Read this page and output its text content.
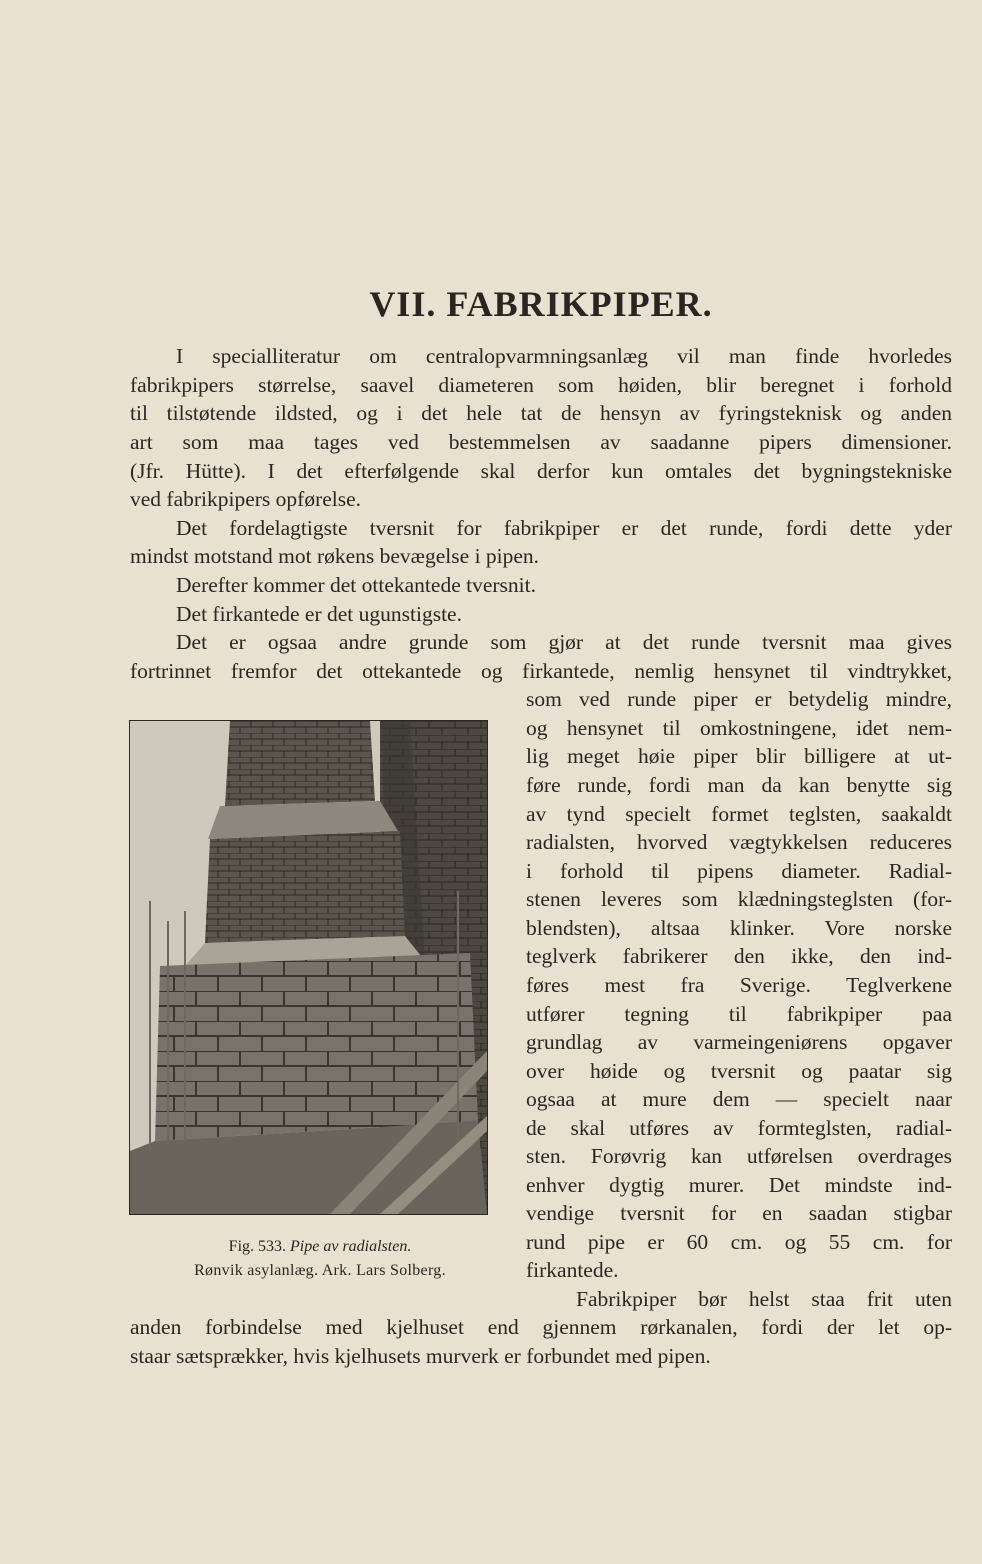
VII. FABRIKPIPER.
I specialliteratur om centralopvarmningsanlæg vil man finde hvorledes
fabrikpipers størrelse, saavel diameteren som høiden, blir beregnet i forhold
til tilstøtende ildsted, og i det hele tat de hensyn av fyringsteknisk og anden
art som maa tages ved bestemmelsen av saadanne pipers dimensioner.
(Jfr. Hütte). I det efterfølgende skal derfor kun omtales det bygningstekniske
ved fabrikpipers opførelse.
Det fordelagtigste tversnit for fabrikpiper er det runde, fordi dette yder
mindst motstand mot røkens bevægelse i pipen.
Derefter kommer det ottekantede tversnit.
Det firkantede er det ugunstigste.
Det er ogsaa andre grunde som gjør at det runde tversnit maa gives
fortrinnet fremfor det ottekantede og firkantede, nemlig hensynet til vindtrykket,
som ved runde piper er betydelig mindre,
og hensynet til omkostningene, idet nem-
lig meget høie piper blir billigere at ut-
føre runde, fordi man da kan benytte sig
av tynd specielt formet teglsten, saakaldt
radialsten, hvorved vægtykkelsen reduceres
i forhold til pipens diameter. Radial-
stenen leveres som klædningsteglsten (for-
blendsten), altsaa klinker. Vore norske
teglverk fabrikerer den ikke, den ind-
føres mest fra Sverige. Teglverkene
utfører tegning til fabrikpiper paa
grundlag av varmeingeniørens opgaver
over høide og tversnit og paatar sig
ogsaa at mure dem — specielt naar
de skal utføres av formteglsten, radial-
sten. Forøvrig kan utførelsen overdrages
enhver dygtig murer. Det mindste ind-
vendige tversnit for en saadan stigbar
rund pipe er 60 cm. og 55 cm. for
firkantede.
Fabrikpiper bør helst staa frit uten
anden forbindelse med kjelhuset end gjennem rørkanalen, fordi der let op-
staar sætsprækker, hvis kjelhusets murverk er forbundet med pipen.
Fig. 533. Pipe av radialsten.
Rønvik asylanlæg. Ark. Lars Solberg.
